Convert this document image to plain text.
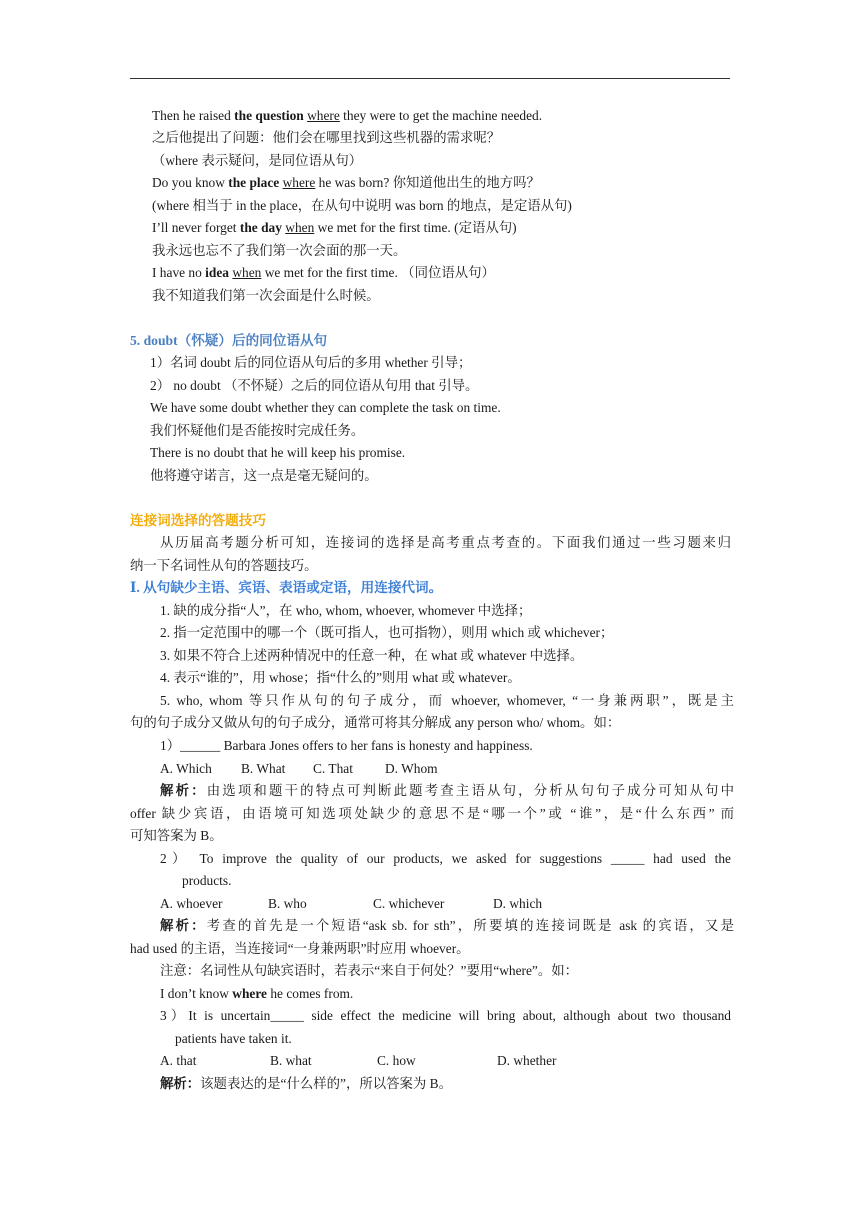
Then he raised the question where they were to get the machine needed.
之后他提出了问题：他们会在哪里找到这些机器的需求呢？
（where 表示疑问，是同位语从句）
Do you know the place where he was born? 你知道他出生的地方吗？
(where 相当于 in the place，在从句中说明 was born 的地点，是定语从句)
I’ll never forget the day when we met for the first time. (定语从句)
我永远也忘不了我们第一次会面的那一天。
I have no idea when we met for the first time. （同位语从句）
我不知道我们第一次会面是什么时候。
5. doubt（怀疑）后的同位语从句
1）名词 doubt 后的同位语从句后的多用 whether 引导；
2） no doubt （不怀疑）之后的同位语从句用 that 引导。
We have some doubt whether they can complete the task on time.
我们怀疑他们是否能按时完成任务。
There is no doubt that he will keep his promise.
他将遵守诺言，这一点是毫无疑问的。
连接词选择的答题技巧
从历届高考题分析可知，连接词的选择是高考重点考查的。下面我们通过一些习题来归
纳一下名词性从句的答题技巧。
Ⅰ. 从句缺少主语、宾语、表语或定语，用连接代词。
1. 缺的成分指“人”，在 who, whom, whoever, whomever 中选择；
2. 指一定范围中的哪一个（既可指人，也可指物），则用 which 或 whichever；
3. 如果不符合上述两种情况中的任意一种，在 what 或 whatever 中选择。
4. 表示“谁的”，用 whose；指“什么的”则用 what 或 whatever。
5. who, whom 等只作从句的句子成分，而 whoever, whomever, “一身兼两职”，既是主
句的句子成分又做从句的句子成分，通常可将其分解成 any person who/ whom。如：
1）______ Barbara Jones offers to her fans is honesty and happiness.
A. Which B. What C. That D. Whom
解析：由选项和题干的特点可判断此题考查主语从句，分析从句句子成分可知从句中
offer 缺少宾语，由语境可知选项处缺少的意思不是“哪一个”或 “谁”，是“什么东西” 而
可知答案为 B。
2） To improve the quality of our products, we asked for suggestions _____ had used the
products.
A. whoever	B. who	C. whichever	D. which
解析：考查的首先是一个短语“ask sb. for sth”，所要填的连接词既是 ask 的宾语，又是
had used 的主语，当连接词“一身兼两职”时应用 whoever。
注意：名词性从句缺宾语时，若表示“来自于何处？”要用“where”。如：
I don’t know where he comes from.
3）It is uncertain_____ side effect the medicine will bring about, although about two thousand
patients have taken it.
A. that	B. what	C. how	D. whether
解析：该题表达的是“什么样的”，所以答案为 B。
